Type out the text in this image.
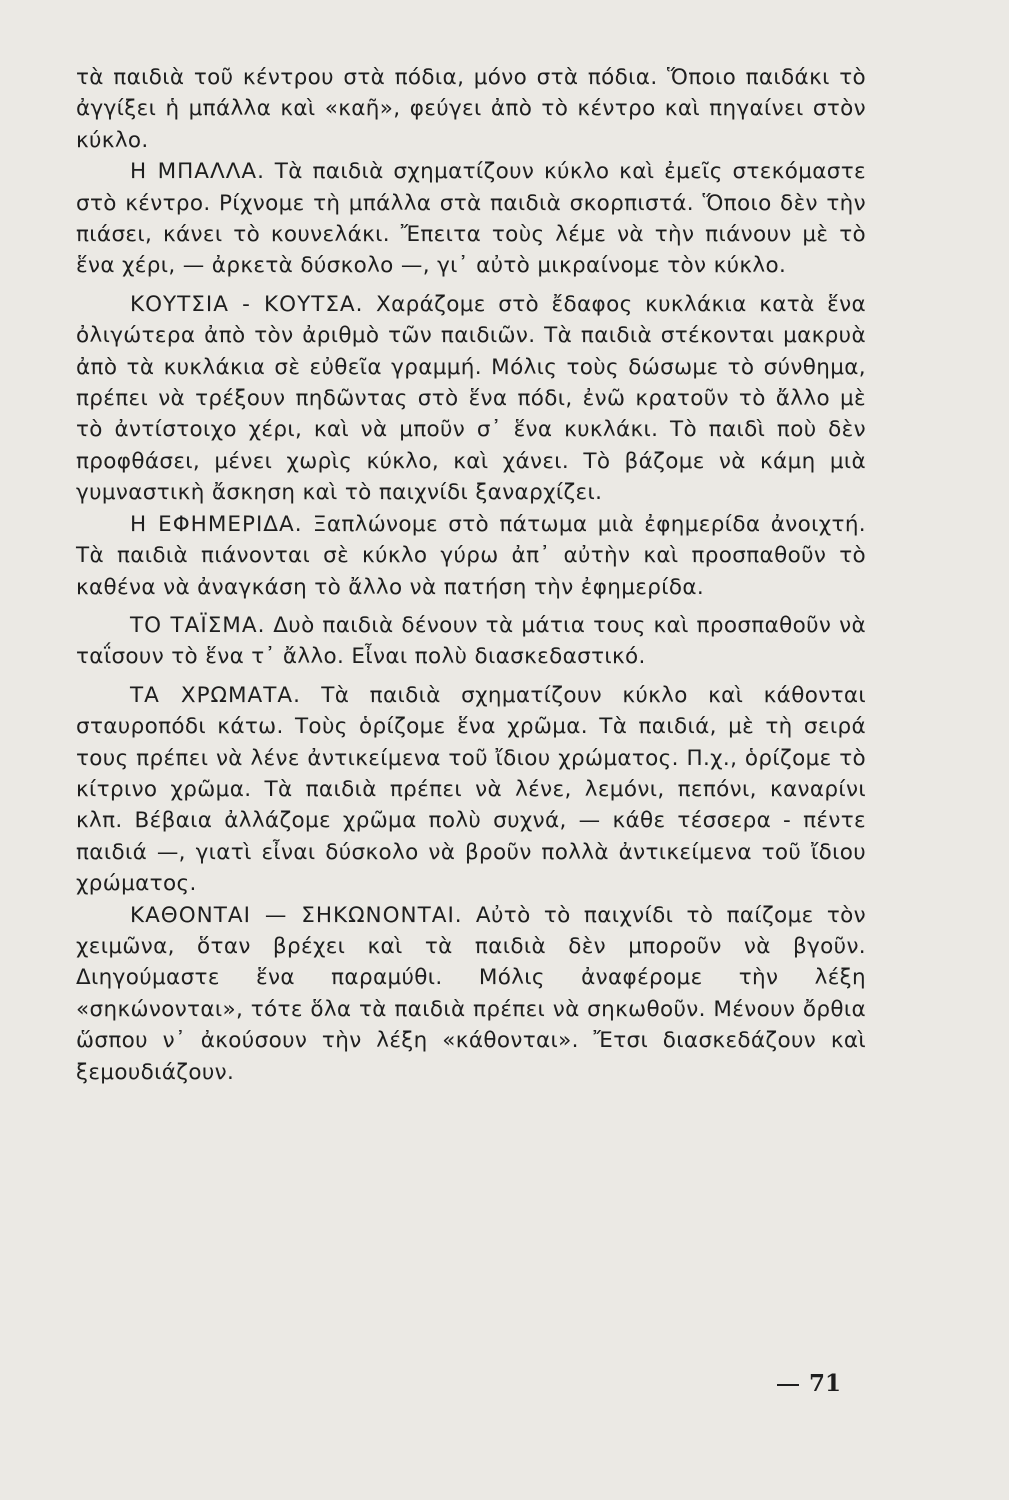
τὰ παιδιὰ τοῦ κέντρου στὰ πόδια, μόνο στὰ πόδια. Ὅποιο παιδάκι τὸ ἀγγίξει ἡ μπάλλα καὶ «καῆ», φεύγει ἀπὸ τὸ κέντρο καὶ πηγαίνει στὸν κύκλο.

Η ΜΠΑΛΛΑ. Τὰ παιδιὰ σχηματίζουν κύκλο καὶ ἐμεῖς στεκόμαστε στὸ κέντρο. Ρίχνομε τὴ μπάλλα στὰ παιδιὰ σκορπιστά. Ὅποιο δὲν τὴν πιάσει, κάνει τὸ κουνελάκι. Ἔπειτα τοὺς λέμε νὰ τὴν πιάνουν μὲ τὸ ἕνα χέρι, — ἀρκετὰ δύσκολο —, γι᾽ αὐτὸ μικραίνομε τὸν κύκλο.

ΚΟΥΤΣΙΑ - ΚΟΥΤΣΑ. Χαράζομε στὸ ἔδαφος κυκλάκια κατὰ ἕνα ὀλιγώτερα ἀπὸ τὸν ἀριθμὸ τῶν παιδιῶν. Τὰ παιδιὰ στέκονται μακρυὰ ἀπὸ τὰ κυκλάκια σὲ εὐθεῖα γραμμή. Μόλις τοὺς δώσωμε τὸ σύνθημα, πρέπει νὰ τρέξουν πηδῶντας στὸ ἕνα πόδι, ἐνῶ κρατοῦν τὸ ἄλλο μὲ τὸ ἀντίστοιχο χέρι, καὶ νὰ μποῦν σ᾽ ἕνα κυκλάκι. Τὸ παιδὶ ποὺ δὲν προφθάσει, μένει χωρὶς κύκλο, καὶ χάνει. Τὸ βάζομε νὰ κάμη μιὰ γυμναστικὴ ἄσκηση καὶ τὸ παιχνίδι ξαναρχίζει.

Η ΕΦΗΜΕΡΙΔΑ. Ξαπλώνομε στὸ πάτωμα μιὰ ἐφημερίδα ἀνοιχτή. Τὰ παιδιὰ πιάνονται σὲ κύκλο γύρω ἀπ᾽ αὐτὴν καὶ προσπαθοῦν τὸ καθένα νὰ ἀναγκάση τὸ ἄλλο νὰ πατήση τὴν ἐφημερίδα.

ΤΟ ΤΑΪΣΜΑ. Δυὸ παιδιὰ δένουν τὰ μάτια τους καὶ προσπαθοῦν νὰ ταΐσουν τὸ ἕνα τ᾽ ἄλλο. Εἶναι πολὺ διασκεδαστικό.

ΤΑ ΧΡΩΜΑΤΑ. Τὰ παιδιὰ σχηματίζουν κύκλο καὶ κάθονται σταυροπόδι κάτω. Τοὺς ὁρίζομε ἕνα χρῶμα. Τὰ παιδιά, μὲ τὴ σειρά τους πρέπει νὰ λένε ἀντικείμενα τοῦ ἴδιου χρώματος. Π.χ., ὁρίζομε τὸ κίτρινο χρῶμα. Τὰ παιδιὰ πρέπει νὰ λένε, λεμόνι, πεπόνι, καναρίνι κλπ. Βέβαια ἀλλάζομε χρῶμα πολὺ συχνά, — κάθε τέσσερα - πέντε παιδιά —, γιατὶ εἶναι δύσκολο νὰ βροῦν πολλὰ ἀντικείμενα τοῦ ἴδιου χρώματος.

ΚΑΘΟΝΤΑΙ — ΣΗΚΩΝΟΝΤΑΙ. Αὐτὸ τὸ παιχνίδι τὸ παίζομε τὸν χειμῶνα, ὅταν βρέχει καὶ τὰ παιδιὰ δὲν μποροῦν νὰ βγοῦν. Διηγούμαστε ἕνα παραμύθι. Μόλις ἀναφέρομε τὴν λέξη «σηκώνονται», τότε ὅλα τὰ παιδιὰ πρέπει νὰ σηκωθοῦν. Μένουν ὄρθια ὥσπου ν᾽ ἀκούσουν τὴν λέξη «κάθονται». Ἔτσι διασκεδάζουν καὶ ξεμουδιάζουν.

71
